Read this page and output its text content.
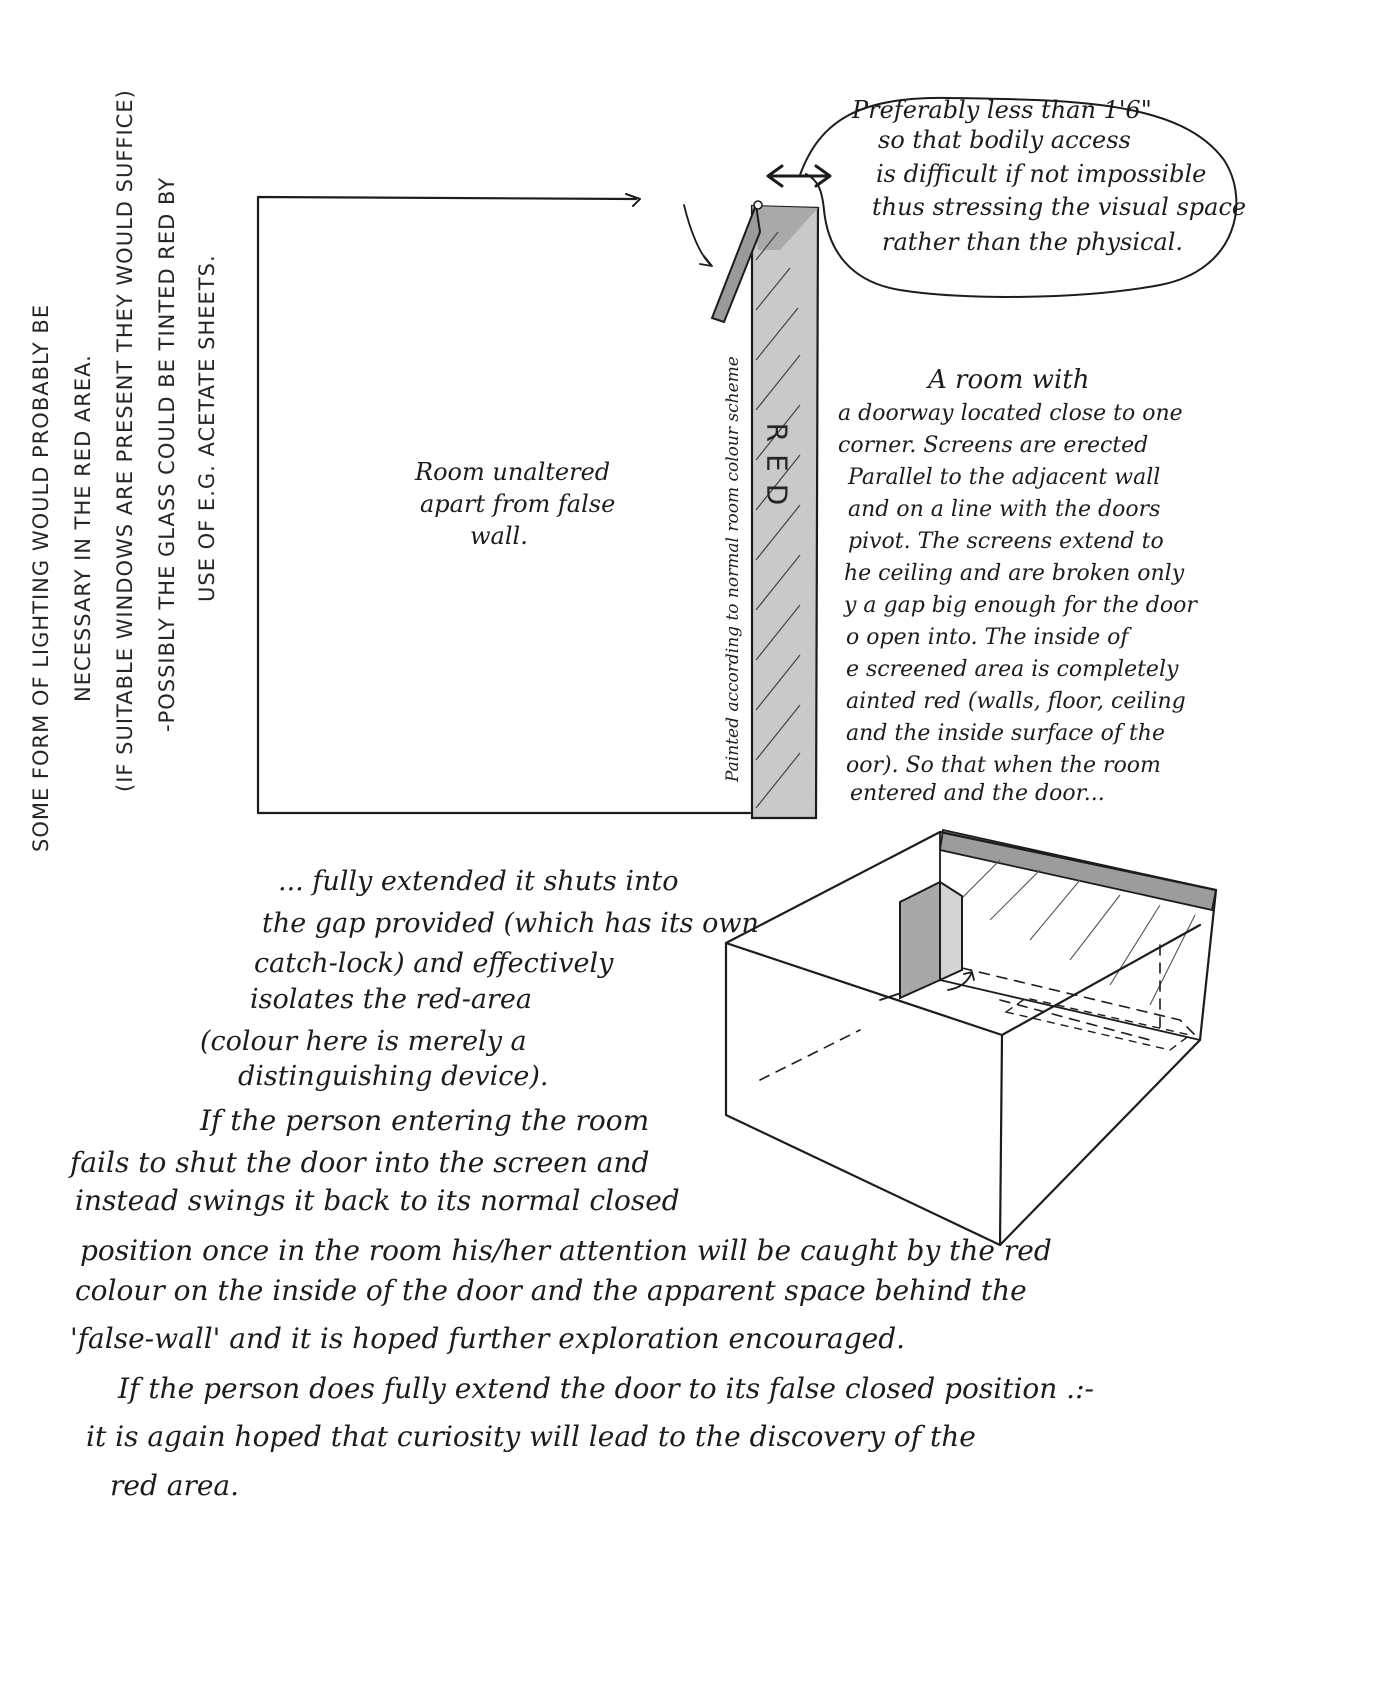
SOME FORM OF LIGHTING WOULD PROBABLY BE NECESSARY IN THE RED AREA. (IF SUITABLE WINDOWS ARE PRESENT THEY WOULD SUFFICE) -POSSIBLY THE GLASS COULD BE TINTED RED BY USE OF E.G. ACETATE SHEETS.	Room unaltered apart from false wall.
RED
Painted according to normal room colour scheme
Preferably less than 1'6" so that bodily access is difficult if not impossible thus stressing the visual space rather than the physical.
A room with
a doorway located close to one corner. Screens are erected Parallel to the adjacent wall and on a line with the doors pivot. The screens extend to he ceiling and are broken only y a gap big enough for the door o open into. The inside of e screened area is completely ainted red (walls, floor, ceiling and the inside surface of the oor). So that when the room entered and the door...
... fully extended it shuts into the gap provided (which has its own catch-lock) and effectively isolates the red-area (colour here is merely a distinguishing device).
If the person entering the room fails to shut the door into the screen and instead swings it back to its normal closed position once in the room his/her attention will be caught by the red colour on the inside of the door and the apparent space behind the 'false-wall' and it is hoped further exploration encouraged. If the person does fully extend the door to its false closed position .:- it is again hoped that curiosity will lead to the discovery of the red area.
